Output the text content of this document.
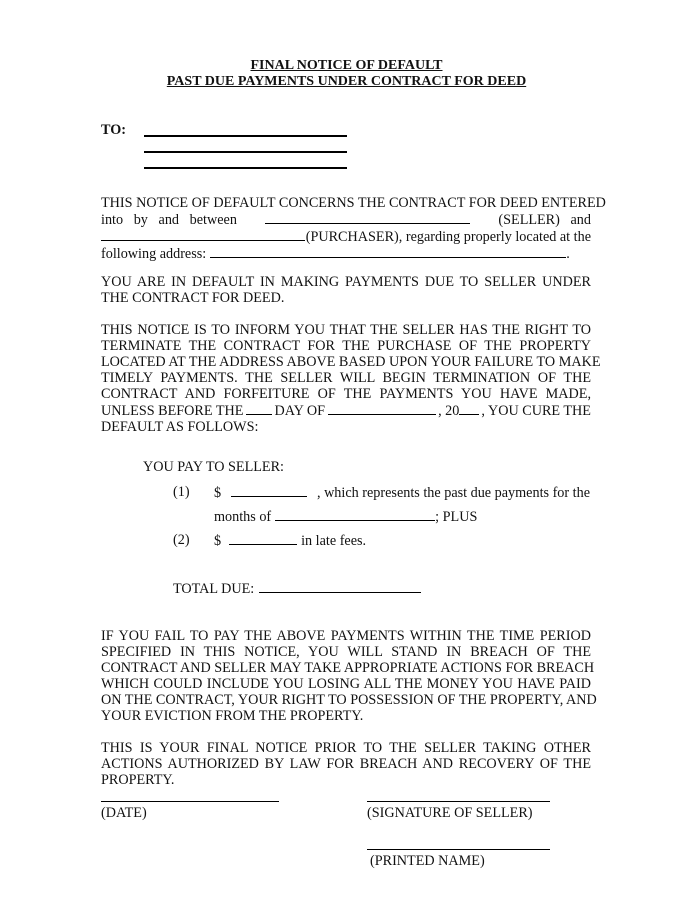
FINAL NOTICE OF DEFAULT
PAST DUE PAYMENTS UNDER CONTRACT FOR DEED
TO:
THIS NOTICE OF DEFAULT CONCERNS THE CONTRACT FOR DEED ENTERED
into   by   and   between	(SELLER)   and
(PURCHASER), regarding properly located at the
following address:	.
YOU ARE IN DEFAULT IN MAKING PAYMENTS DUE TO SELLER UNDER THE CONTRACT FOR DEED.
THIS NOTICE IS TO INFORM YOU THAT THE SELLER HAS THE RIGHT TO
TERMINATE THE CONTRACT FOR THE PURCHASE OF THE PROPERTY
LOCATED AT THE ADDRESS ABOVE BASED UPON YOUR FAILURE TO MAKE
TIMELY PAYMENTS. THE SELLER WILL BEGIN TERMINATION OF THE
CONTRACT AND FORFEITURE OF THE PAYMENTS YOU HAVE MADE,
UNLESS BEFORE THE DAY OF	, 20 , YOU CURE THE
DEFAULT AS FOLLOWS:
YOU PAY TO SELLER:
(1) $	, which represents the past due payments for the
months of	; PLUS
(2) $	in late fees.
TOTAL DUE:
IF YOU FAIL TO PAY THE ABOVE PAYMENTS WITHIN THE TIME PERIOD
SPECIFIED IN THIS NOTICE, YOU WILL STAND IN BREACH OF THE
CONTRACT AND SELLER MAY TAKE APPROPRIATE ACTIONS FOR BREACH
WHICH COULD INCLUDE YOU LOSING ALL THE MONEY YOU HAVE PAID
ON THE CONTRACT, YOUR RIGHT TO POSSESSION OF THE PROPERTY, AND
YOUR EVICTION FROM THE PROPERTY.
THIS IS YOUR FINAL NOTICE PRIOR TO THE SELLER TAKING OTHER
ACTIONS AUTHORIZED BY LAW FOR BREACH AND RECOVERY OF THE
PROPERTY.
(DATE)	(SIGNATURE OF SELLER)
(PRINTED NAME)
